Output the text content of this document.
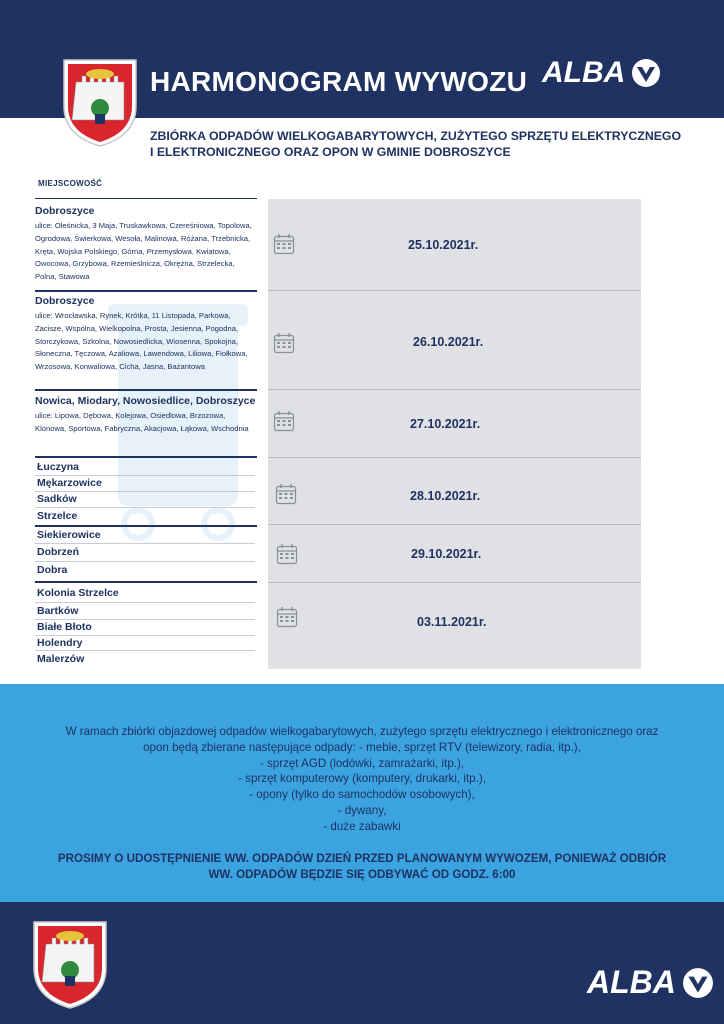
HARMONOGRAM WYWOZU ALBA
ZBIÓRKA ODPADÓW WIELKOGABARYTOWYCH, ZUŻYTEGO SPRZĘTU ELEKTRYCZNEGO
I ELEKTRONICZNEGO ORAZ OPON W GMINIE DOBROSZYCE
MIEJSCOWOŚĆ
Dobroszyce
ulice: Oleśnicka, 3 Maja, Truskawkowa, Czereśniowa, Topolowa, Ogrodowa, Świerkowa, Wesoła, Malinowa, Różana, Trzebnicka, Kręta, Wojska Polskiego, Górna, Przemysłowa, Kwiatowa, Owocowa, Grzybowa, Rzemieślnicza, Okrężna, Strzelecka, Polna, Stawowa
25.10.2021r.
Dobroszyce
ulice: Wrocławska, Rynek, Krótka, 11 Listopada, Parkowa, Zacisze, Wspólna, Wielkopolna, Prosta, Jesienna, Pogodna, Storczykowa, Szkolna, Nowosiedlicka, Wiosenna, Spokojna, Słoneczna, Tęczowa, Azaliowa, Lawendowa, Liliowa, Fiołkowa, Wrzosowa, Konwaliowa, Cicha, Jasna, Bażantowa
26.10.2021r.
Nowica, Miodary, Nowosiedlice, Dobroszyce
ulice: Lipowa, Dębowa, Kolejowa, Osiedlowa, Brzozowa, Klonowa, Sportowa, Fabryczna, Akacjowa, Łąkowa, Wschodnia	27.10.2021r.
Łuczyna
Mękarzowice
Sadków
Strzelce
28.10.2021r.
Siekierowice
Dobrzeń
Dobra
29.10.2021r.
Kolonia Strzelce
Bartków
Białe Błoto
Holendry
Malerzów
03.11.2021r.

W ramach zbiórki objazdowej odpadów wielkogabarytowych, zużytego sprzętu elektrycznego i elektronicznego oraz

opon będą zbierane następujące odpady: - meble, sprzęt RTV (telewizory, radia, itp.),

- sprzęt AGD (lodówki, zamrażarki, itp.),

- sprzęt komputerowy (komputery, drukarki, itp.),

- opony (tylko do samochodów osobowych),

- dywany,

- duże zabawki

PROSIMY O UDOSTĘPNIENIE WW. ODPADÓW DZIEŃ PRZED PLANOWANYM WYWOZEM, PONIEWAŻ ODBIÓR
WW. ODPADÓW BĘDZIE SIĘ ODBYWAĆ OD GODZ. 6:00
ALBA
